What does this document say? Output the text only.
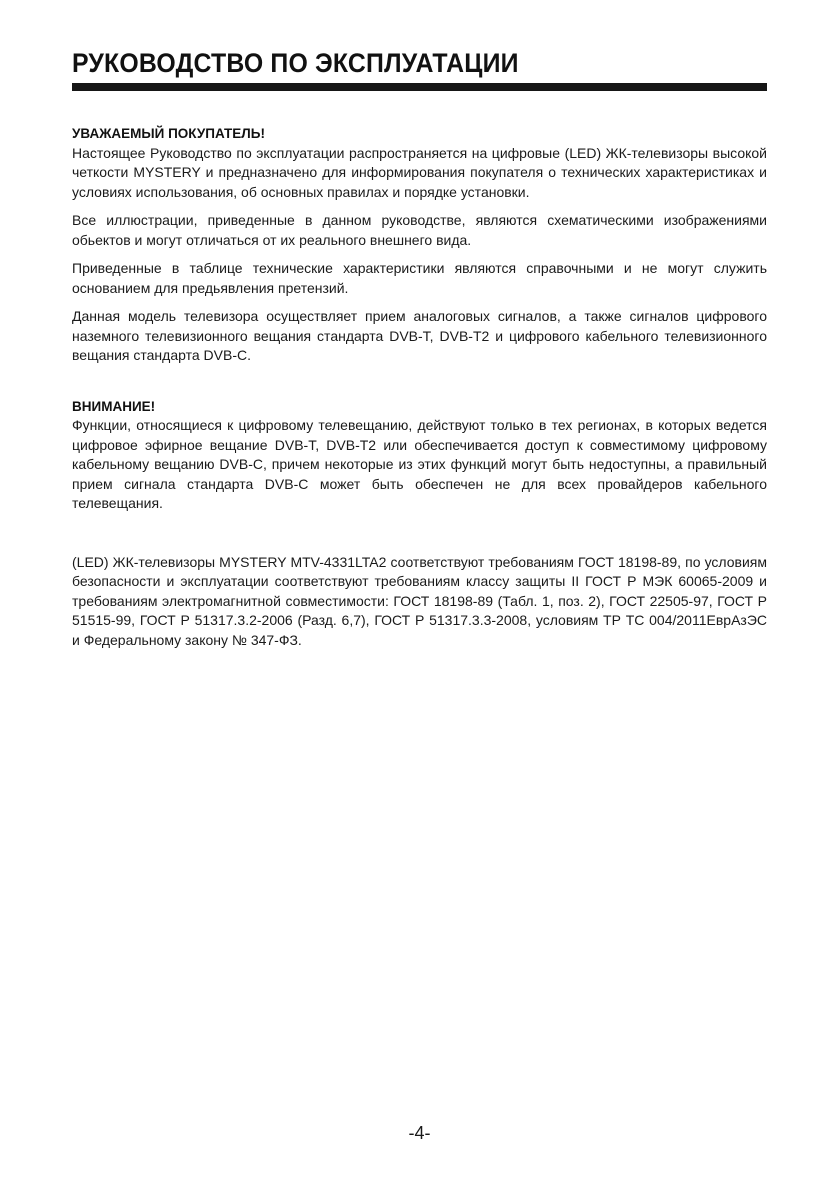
РУКОВОДСТВО ПО ЭКСПЛУАТАЦИИ
УВАЖАЕМЫЙ ПОКУПАТЕЛЬ!

Настоящее Руководство по эксплуатации распространяется на цифровые (LED) ЖК-телевизоры высокой четкости MYSTERY и предназначено для информирования покупателя о технических характеристиках и условиях использования, об основных правилах и порядке установки.

Все иллюстрации, приведенные в данном руководстве, являются схематическими изображениями обьектов и могут отличаться от их реального внешнего вида.

Приведенные в таблице технические характеристики являются справочными и не могут служить основанием для предьявления претензий.

Данная модель телевизора осуществляет прием аналоговых сигналов, а также сигналов цифрового наземного телевизионного вещания стандарта DVB-T, DVB-T2 и цифрового кабельного телевизионного вещания стандарта DVB-C.

ВНИМАНИЕ!

Функции, относящиеся к цифровому телевещанию, действуют только в тех регионах, в которых ведется цифровое эфирное вещание DVB-T, DVB-T2 или обеспечивается доступ к совместимому цифровому кабельному вещанию DVB-C, причем некоторые из этих функций могут быть недоступны, а правильный прием сигнала стандарта DVB-C может быть обеспечен не для всех провайдеров кабельного телевещания.

(LED) ЖК-телевизоры MYSTERY MTV-4331LTA2 соответствуют требованиям ГОСТ 18198-89, по условиям безопасности и эксплуатации соответствуют требованиям классу защиты II ГОСТ Р МЭК 60065-2009 и требованиям электромагнитной совместимости: ГОСТ 18198-89 (Табл. 1, поз. 2), ГОСТ 22505-97, ГОСТ Р 51515-99, ГОСТ Р 51317.3.2-2006 (Разд. 6,7), ГОСТ Р 51317.3.3-2008, условиям ТР ТС 004/2011ЕврАзЭС и Федеральному закону № 347-ФЗ.

-4-
